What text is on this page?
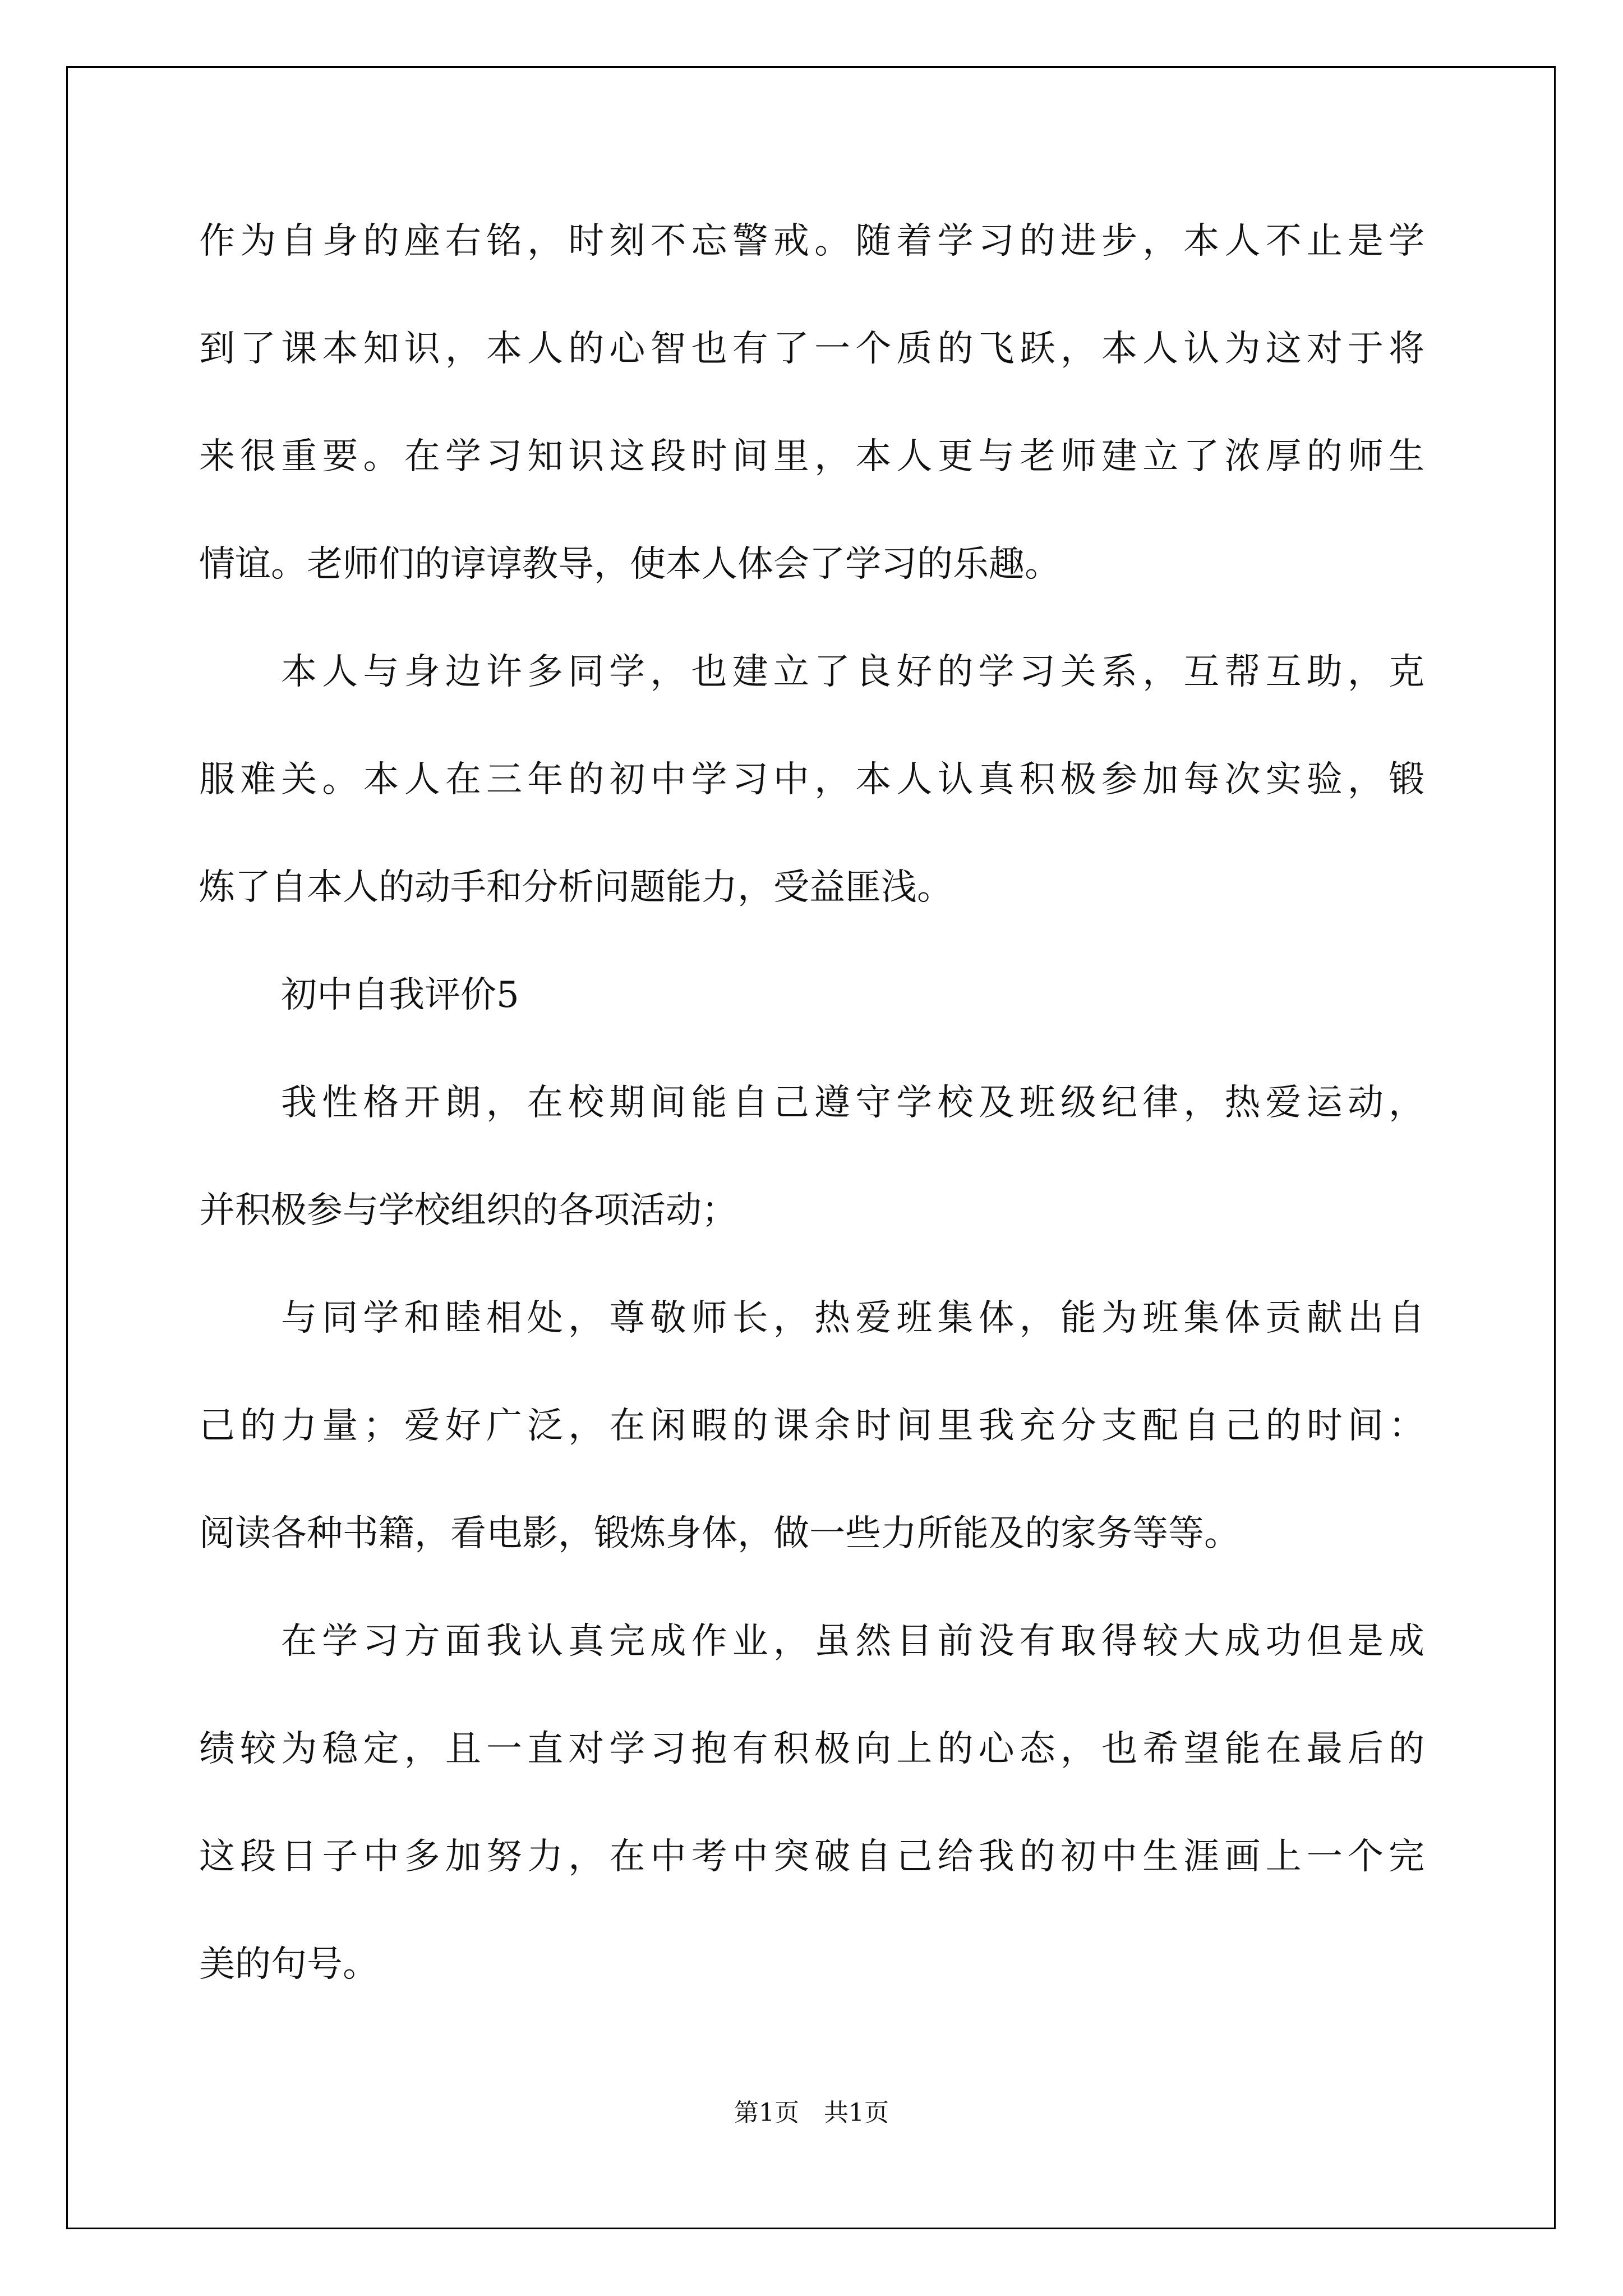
作为自身的座右铭，时刻不忘警戒。随着学习的进步，本人不止是学
到了课本知识，本人的心智也有了一个质的飞跃，本人认为这对于将
来很重要。在学习知识这段时间里，本人更与老师建立了浓厚的师生
情谊。老师们的谆谆教导，使本人体会了学习的乐趣。
本人与身边许多同学，也建立了良好的学习关系，互帮互助，克
服难关。本人在三年的初中学习中，本人认真积极参加每次实验，锻
炼了自本人的动手和分析问题能力，受益匪浅。
初中自我评价5
我性格开朗，在校期间能自己遵守学校及班级纪律，热爱运动，
并积极参与学校组织的各项活动；
与同学和睦相处，尊敬师长，热爱班集体，能为班集体贡献出自
己的力量；爱好广泛，在闲暇的课余时间里我充分支配自己的时间：
阅读各种书籍，看电影，锻炼身体，做一些力所能及的家务等等。
在学习方面我认真完成作业，虽然目前没有取得较大成功但是成
绩较为稳定，且一直对学习抱有积极向上的心态，也希望能在最后的
这段日子中多加努力，在中考中突破自己给我的初中生涯画上一个完
美的句号。
第1页 共1页
